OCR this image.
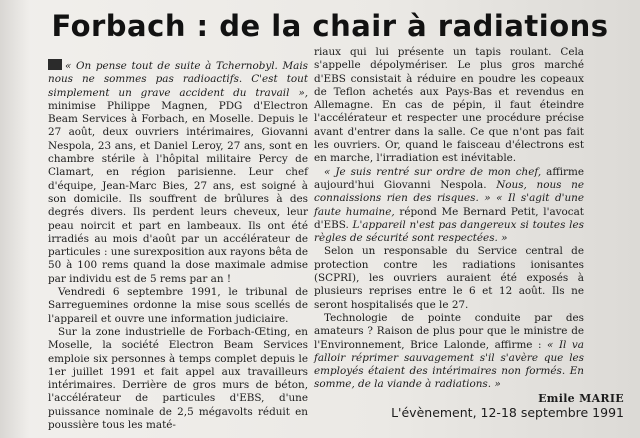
Forbach : de la chair à radiations

« On pense tout de suite à Tchernobyl. Mais nous ne sommes pas radioactifs. C'est tout simplement un grave accident du travail », minimise Philippe Magnen, PDG d'Electron Beam Services à Forbach, en Moselle. Depuis le 27 août, deux ouvriers intérimaires, Giovanni Nespola, 23 ans, et Daniel Leroy, 27 ans, sont en chambre stérile à l'hôpital militaire Percy de Clamart, en région parisienne. Leur chef d'équipe, Jean-Marc Bies, 27 ans, est soigné à son domicile. Ils souffrent de brûlures à des degrés divers. Ils perdent leurs cheveux, leur peau noircit et part en lambeaux. Ils ont été irradiés au mois d'août par un accélérateur de particules : une surexposition aux rayons bêta de 50 à 100 rems quand la dose maximale admise par individu est de 5 rems par an !

Vendredi 6 septembre 1991, le tribunal de Sarreguemines ordonne la mise sous scellés de l'appareil et ouvre une information judiciaire.

Sur la zone industrielle de Forbach-Œting, en Moselle, la société Electron Beam Services emploie six personnes à temps complet depuis le 1er juillet 1991 et fait appel aux travailleurs intérimaires. Derrière de gros murs de béton, l'accélérateur de particules d'EBS, d'une puissance nominale de 2,5 mégavolts réduit en poussière tous les maté-

riaux qui lui présente un tapis roulant. Cela s'appelle dépolymériser. Le plus gros marché d'EBS consistait à réduire en poudre les copeaux de Teflon achetés aux Pays-Bas et revendus en Allemagne. En cas de pépin, il faut éteindre l'accélérateur et respecter une procédure précise avant d'entrer dans la salle. Ce que n'ont pas fait les ouvriers. Or, quand le faisceau d'électrons est en marche, l'irradiation est inévitable.

« Je suis rentré sur ordre de mon chef, affirme aujourd'hui Giovanni Nespola. Nous, nous ne connaissions rien des risques. » « Il s'agit d'une faute humaine, répond Me Bernard Petit, l'avocat d'EBS. L'appareil n'est pas dangereux si toutes les règles de sécurité sont respectées. »

Selon un responsable du Service central de protection contre les radiations ionisantes (SCPRI), les ouvriers auraient été exposés à plusieurs reprises entre le 6 et 12 août. Ils ne seront hospitalisés que le 27.

Technologie de pointe conduite par des amateurs ? Raison de plus pour que le ministre de l'Environnement, Brice Lalonde, affirme : « Il va falloir réprimer sauvagement s'il s'avère que les employés étaient des intérimaires non formés. En somme, de la viande à radiations. »

Emile MARIE
L'évènement, 12-18 septembre 1991
